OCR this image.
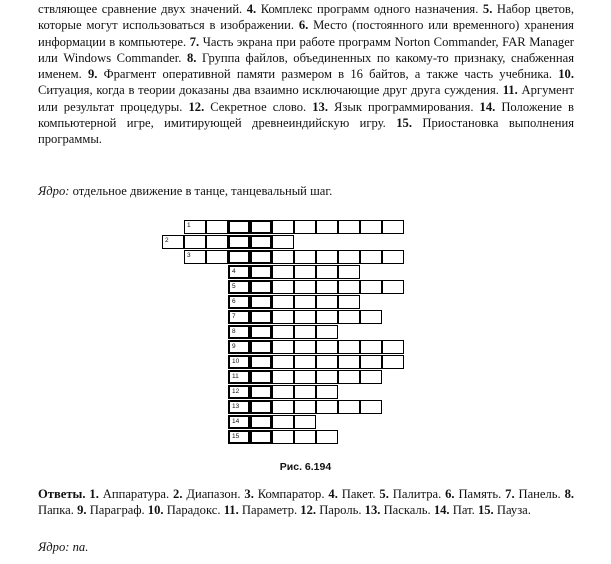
ствляющее сравнение двух значений. 4. Комплекс программ одного назначения. 5. Набор цветов, которые могут использоваться в изображении. 6. Место (постоянного или временного) хранения информации в компьютере. 7. Часть экрана при работе программ Norton Commander, FAR Manager или Windows Commander. 8. Группа файлов, объединенных по какому-то признаку, снабженная именем. 9. Фрагмент оперативной памяти размером в 16 байтов, а также часть учебника. 10. Ситуация, когда в теории доказаны два взаимно исключающие друг друга суждения. 11. Аргумент или результат процедуры. 12. Секретное слово. 13. Язык программирования. 14. Положение в компьютерной игре, имитирующей древнеиндийскую игру. 15. Приостановка выполнения программы.

Ядро: отдельное движение в танце, танцевальный шаг.

1
2
3
4
5
6
7
8
9
10
11
12
13
14
15
Рис. 6.194

Ответы. 1. Аппаратура. 2. Диапазон. 3. Компаратор. 4. Пакет. 5. Палитра. 6. Память. 7. Панель. 8. Папка. 9. Параграф. 10. Парадокс. 11. Параметр. 12. Пароль. 13. Паскаль. 14. Пат. 15. Пауза.

Ядро: па.
